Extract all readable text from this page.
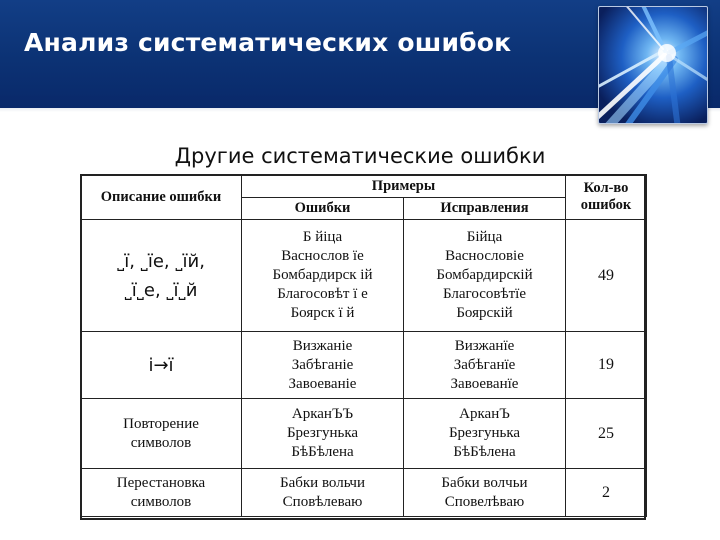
Анализ систематических ошибок
Другие систематические ошибки
Описание ошибки	Примеры		Кол-во ошибок
	Ошибки	Исправления	

˽ї, ˽їе, ˽їй,
˽ї˽е, ˽ї˽й	Б йіца
Васнослов їе
Бомбардирск ій
Благосовѣт ї е
Боярск ї й	Бійца
Васнословіе
Бомбардирскій
Благосовѣтїе
Боярскій	49

і→ї	Визжаніе
Забѣганіе
Завоеваніе	Визжанїе
Забѣганїе
Завоеванїе	19

Повторение
символов	АрканЪЪ
Брезгунька
БѣБѣлена	АрканЪ
Брезгунька
БѣБѣлена	25

Перестановка
символов	Бабки вольчи
Сповѣлеваю	Бабки волчьи
Сповелѣваю	2
